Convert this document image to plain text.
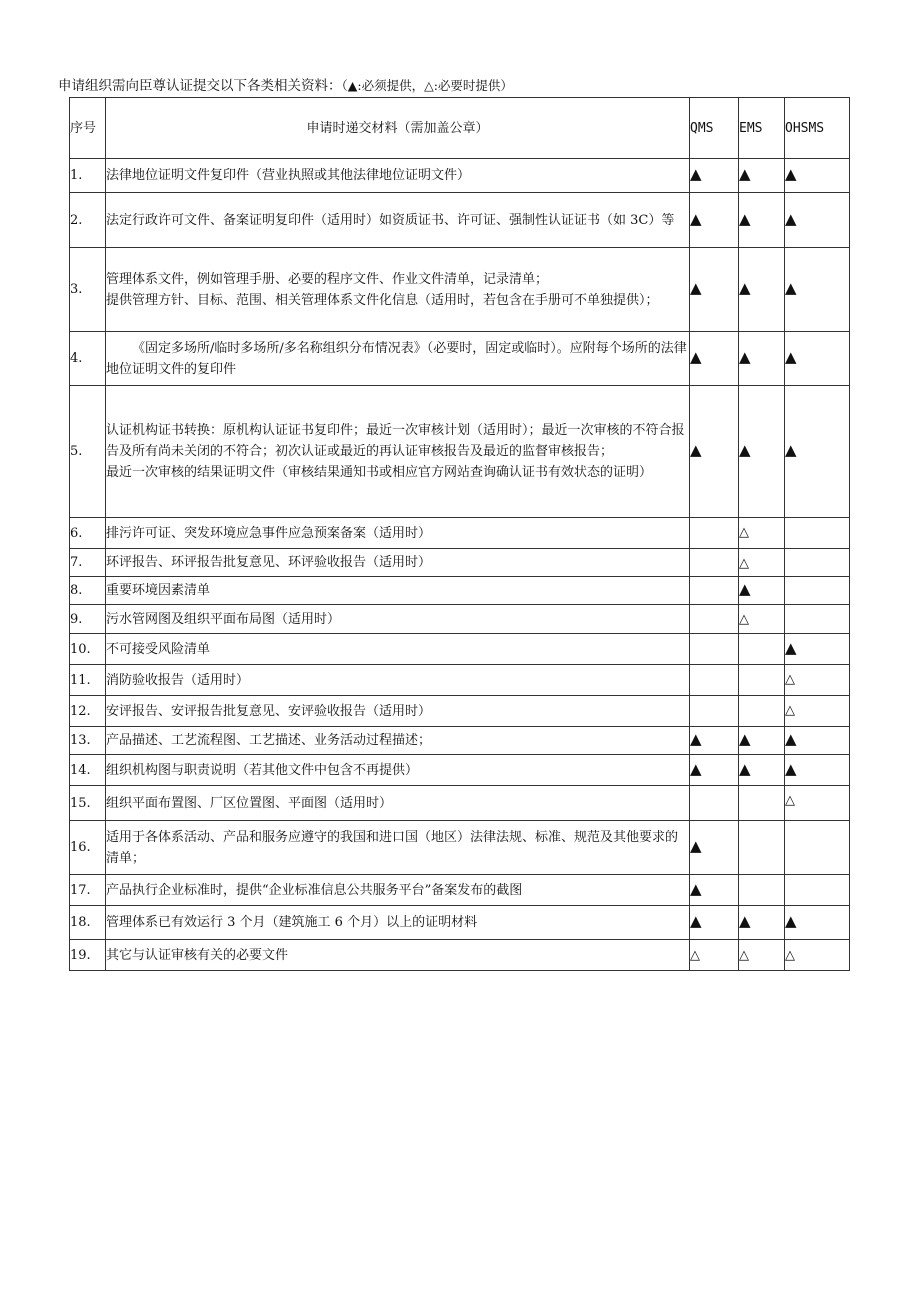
申请组织需向臣尊认证提交以下各类相关资料：（▲:必须提供，△:必要时提供）
序号	申请时递交材料（需加盖公章）	QMS	EMS	OHSMS
1.	法律地位证明文件复印件（营业执照或其他法律地位证明文件）	▲	▲	▲
2.	法定行政许可文件、备案证明复印件（适用时）如资质证书、许可证、强制性认证证书（如 3C）等	▲	▲	▲
3.	管理体系文件，例如管理手册、必要的程序文件、作业文件清单，记录清单；
提供管理方针、目标、范围、相关管理体系文件化信息（适用时，若包含在手册可不单独提供）；	▲	▲	▲
4.	《固定多场所/临时多场所/多名称组织分布情况表》（必要时，固定或临时）。应附每个场所的法律地位证明文件的复印件	▲	▲	▲
5.	认证机构证书转换：原机构认证证书复印件；最近一次审核计划（适用时）；最近一次审核的不符合报告及所有尚未关闭的不符合；初次认证或最近的再认证审核报告及最近的监督审核报告；
最近一次审核的结果证明文件（审核结果通知书或相应官方网站查询确认证书有效状态的证明）	▲	▲	▲
6.	排污许可证、突发环境应急事件应急预案备案（适用时）		△	
7.	环评报告、环评报告批复意见、环评验收报告（适用时）		△	
8.	重要环境因素清单		▲	
9.	污水管网图及组织平面布局图（适用时）		△	
10.	不可接受风险清单			▲
11.	消防验收报告（适用时）			△
12.	安评报告、安评报告批复意见、安评验收报告（适用时）			△
13.	产品描述、工艺流程图、工艺描述、业务活动过程描述；	▲	▲	▲
14.	组织机构图与职责说明（若其他文件中包含不再提供）	▲	▲	▲
15.	组织平面布置图、厂区位置图、平面图（适用时）			△
16.	适用于各体系活动、产品和服务应遵守的我国和进口国（地区）法律法规、标准、规范及其他要求的清单；	▲		
17.	产品执行企业标准时，提供“企业标准信息公共服务平台”备案发布的截图	▲		
18.	管理体系已有效运行 3 个月（建筑施工 6 个月）以上的证明材料	▲	▲	▲
19.	其它与认证审核有关的必要文件	△	△	△
